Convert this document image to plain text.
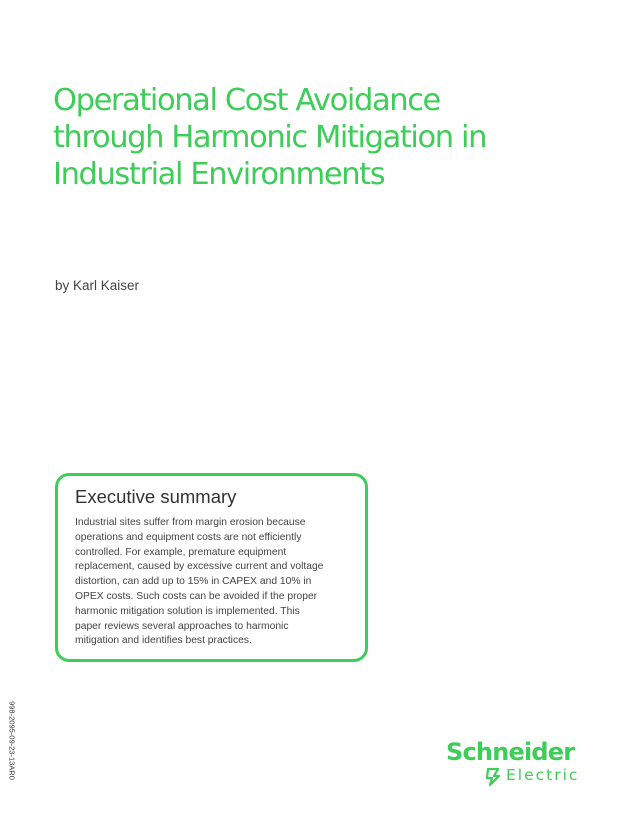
Operational Cost Avoidance
through Harmonic Mitigation in
Industrial Environments
by Karl Kaiser
Executive summary
Industrial sites suffer from margin erosion because
operations and equipment costs are not efficiently
controlled. For example, premature equipment
replacement, caused by excessive current and voltage
distortion, can add up to 15% in CAPEX and 10% in
OPEX costs. Such costs can be avoided if the proper
harmonic mitigation solution is implemented. This
paper reviews several approaches to harmonic
mitigation and identifies best practices.
998-2095-09-23-13AR0	Schneider
Electric
